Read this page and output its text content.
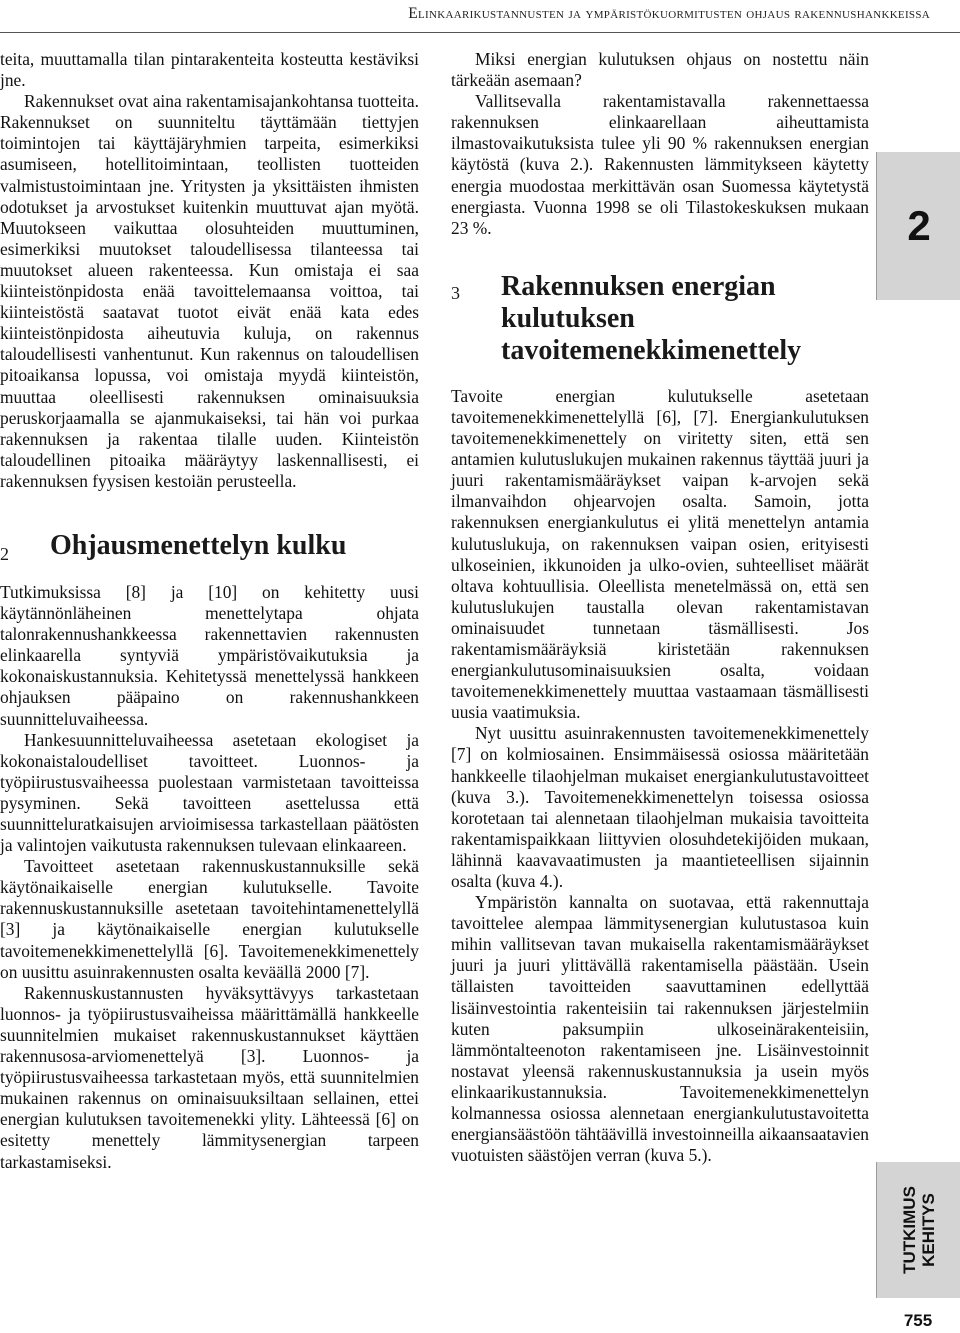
Elinkaarikustannusten ja ympäristökuormitusten ohjaus rakennushankkeissa

teita, muuttamalla tilan pintarakenteita kosteutta kestäviksi jne.

Rakennukset ovat aina rakentamisajankohtansa tuotteita. Rakennukset on suunniteltu täyttämään tiettyjen toimintojen tai käyttäjäryhmien tarpeita, esimerkiksi asumiseen, hotellitoimintaan, teollisten tuotteiden valmistustoimintaan jne. Yritysten ja yksittäisten ihmisten odotukset ja arvostukset kuitenkin muuttuvat ajan myötä. Muutokseen vaikuttaa olosuhteiden muuttuminen, esimerkiksi muutokset taloudellisessa tilanteessa tai muutokset alueen rakenteessa. Kun omistaja ei saa kiinteistönpidosta enää tavoittelemaansa voittoa, tai kiinteistöstä saatavat tuotot eivät enää kata edes kiinteistönpidosta aiheutuvia kuluja, on rakennus taloudellisesti vanhentunut. Kun rakennus on taloudellisen pitoaikansa lopussa, voi omistaja myydä kiinteistön, muuttaa oleellisesti rakennuksen ominaisuuksia peruskorjaamalla se ajanmukaiseksi, tai hän voi purkaa rakennuksen ja rakentaa tilalle uuden. Kiinteistön taloudellinen pitoaika määräytyy laskennallisesti, ei rakennuksen fyysisen kestoiän perusteella.

2	Ohjausmenettelyn kulku

Tutkimuksissa [8] ja [10] on kehitetty uusi käytännönläheinen menettelytapa ohjata talonrakennushankkeessa rakennettavien rakennusten elinkaarella syntyviä ympäristövaikutuksia ja kokonaiskustannuksia. Kehitetyssä menettelyssä hankkeen ohjauksen pääpaino on rakennushankkeen suunnitteluvaiheessa.

Hankesuunnitteluvaiheessa asetetaan ekologiset ja kokonaistaloudelliset tavoitteet. Luonnos- ja työpiirustusvaiheessa puolestaan varmistetaan tavoitteissa pysyminen. Sekä tavoitteen asettelussa että suunnitteluratkaisujen arvioimisessa tarkastellaan päätösten ja valintojen vaikutusta rakennuksen tulevaan elinkaareen.

Tavoitteet asetetaan rakennuskustannuksille sekä käytönaikaiselle energian kulutukselle. Tavoite rakennuskustannuksille asetetaan tavoitehintamenettelyllä [3] ja käytönaikaiselle energian kulutukselle tavoitemenekkimenettelyllä [6]. Tavoitemenekkimenettely on uusittu asuinrakennusten osalta keväällä 2000 [7].

Rakennuskustannusten hyväksyttävyys tarkastetaan luonnos- ja työpiirustusvaiheissa määrittämällä hankkeelle suunnitelmien mukaiset rakennuskustannukset käyttäen rakennusosa-arviomenettelyä [3]. Luonnos- ja työpiirustusvaiheessa tarkastetaan myös, että suunnitelmien mukainen rakennus on ominaisuuksiltaan sellainen, ettei energian kulutuksen tavoitemenekki ylity. Lähteessä [6] on esitetty menettely lämmitysenergian tarpeen tarkastamiseksi.

Miksi energian kulutuksen ohjaus on nostettu näin tärkeään asemaan?

Vallitsevalla rakentamistavalla rakennettaessa rakennuksen elinkaarellaan aiheuttamista ilmastovaikutuksista tulee yli 90 % rakennuksen energian käytöstä (kuva 2.). Rakennusten lämmitykseen käytetty energia muodostaa merkittävän osan Suomessa käytetystä energiasta. Vuonna 1998 se oli Tilastokeskuksen mukaan 23 %.

3	Rakennuksen energian kulutuksen tavoitemenekkimenettely

Tavoite energian kulutukselle asetetaan tavoitemenekkimenettelyllä [6], [7]. Energiankulutuksen tavoitemenekkimenettely on viritetty siten, että sen antamien kulutuslukujen mukainen rakennus täyttää juuri ja juuri rakentamismääräykset vaipan k-arvojen sekä ilmanvaihdon ohjearvojen osalta. Samoin, jotta rakennuksen energiankulutus ei ylitä menettelyn antamia kulutuslukuja, on rakennuksen vaipan osien, erityisesti ulkoseinien, ikkunoiden ja ulko-ovien, suhteelliset määrät oltava kohtuullisia. Oleellista menetelmässä on, että sen kulutuslukujen taustalla olevan rakentamistavan ominaisuudet tunnetaan täsmällisesti. Jos rakentamismääräyksiä kiristetään rakennuksen energiankulutusominaisuuksien osalta, voidaan tavoitemenekkimenettely muuttaa vastaamaan täsmällisesti uusia vaatimuksia.

Nyt uusittu asuinrakennusten tavoitemenekkimenettely [7] on kolmiosainen. Ensimmäisessä osiossa määritetään hankkeelle tilaohjelman mukaiset energiankulutustavoitteet (kuva 3.). Tavoitemenekkimenettelyn toisessa osiossa korotetaan tai alennetaan tilaohjelman mukaisia tavoitteita rakentamispaikkaan liittyvien olosuhdetekijöiden mukaan, lähinnä kaavavaatimusten ja maantieteellisen sijainnin osalta (kuva 4.).

Ympäristön kannalta on suotavaa, että rakennuttaja tavoittelee alempaa lämmitysenergian kulutustasoa kuin mihin vallitsevan tavan mukaisella rakentamismääräykset juuri ja juuri ylittävällä rakentamisella päästään. Usein tällaisten tavoitteiden saavuttaminen edellyttää lisäinvestointia rakenteisiin tai rakennuksen järjestelmiin kuten paksumpiin ulkoseinärakenteisiin, lämmöntalteenoton rakentamiseen jne. Lisäinvestoinnit nostavat yleensä rakennuskustannuksia ja usein myös elinkaarikustannuksia. Tavoitemenekkimenettelyn kolmannessa osiossa alennetaan energiankulutustavoitetta energiansäästöön tähtäävillä investoinneilla aikaansaatavien vuotuisten säästöjen verran (kuva 5.).

2
TUTKIMUS KEHITYS
755
